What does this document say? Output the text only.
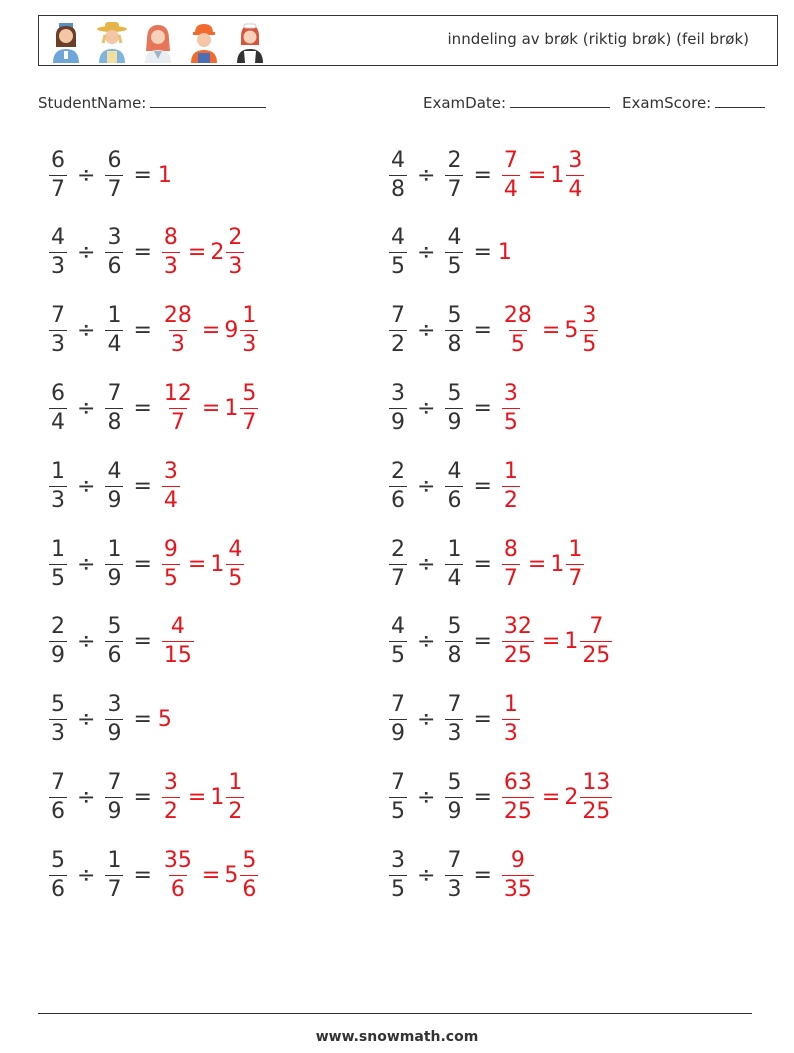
inndeling av brøk (riktig brøk) (feil brøk)
StudentName:	ExamDate:	ExamScore:
$\frac{6}{7} \div \frac{6}{7} = 1$	$\frac{4}{8} \div \frac{2}{7} = \frac{7}{4} = 1 \frac{3}{4}$
$\frac{4}{3} \div \frac{3}{6} = \frac{8}{3} = 2 \frac{2}{3}$	$\frac{4}{5} \div \frac{4}{5} = 1$
$\frac{7}{3} \div \frac{1}{4} = \frac{28}{3} = 9 \frac{1}{3}$	$\frac{7}{2} \div \frac{5}{8} = \frac{28}{5} = 5 \frac{3}{5}$
$\frac{6}{4} \div \frac{7}{8} = \frac{12}{7} = 1 \frac{5}{7}$	$\frac{3}{9} \div \frac{5}{9} = \frac{3}{5}$
$\frac{1}{3} \div \frac{4}{9} = \frac{3}{4}$	$\frac{2}{6} \div \frac{4}{6} = \frac{1}{2}$
$\frac{1}{5} \div \frac{1}{9} = \frac{9}{5} = 1 \frac{4}{5}$	$\frac{2}{7} \div \frac{1}{4} = \frac{8}{7} = 1 \frac{1}{7}$
$\frac{2}{9} \div \frac{5}{6} = \frac{4}{15}$	$\frac{4}{5} \div \frac{5}{8} = \frac{32}{25} = 1 \frac{7}{25}$
$\frac{5}{3} \div \frac{3}{9} = 5$	$\frac{7}{9} \div \frac{7}{3} = \frac{1}{3}$
$\frac{7}{6} \div \frac{7}{9} = \frac{3}{2} = 1 \frac{1}{2}$	$\frac{7}{5} \div \frac{5}{9} = \frac{63}{25} = 2 \frac{13}{25}$
$\frac{5}{6} \div \frac{1}{7} = \frac{35}{6} = 5 \frac{5}{6}$	$\frac{3}{5} \div \frac{7}{3} = \frac{9}{35}$
www.snowmath.com
